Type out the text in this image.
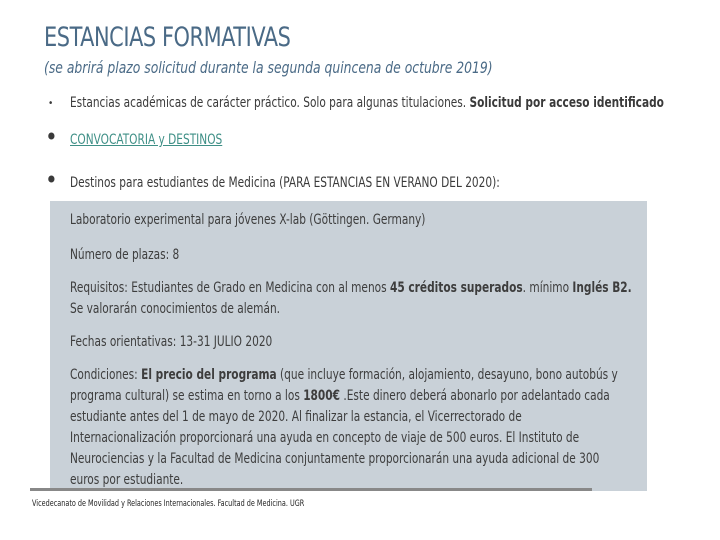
ESTANCIAS FORMATIVAS
(se abrirá plazo solicitud durante la segunda quincena de octubre 2019)
• Estancias académicas de carácter práctico. Solo para algunas titulaciones. Solicitud por acceso identificado
• CONVOCATORIA y DESTINOS
• Destinos para estudiantes de Medicina (PARA ESTANCIAS EN VERANO DEL 2020):
Laboratorio experimental para jóvenes X-lab (Göttingen. Germany)
Número de plazas: 8
Requisitos: Estudiantes de Grado en Medicina con al menos 45 créditos superados. mínimo Inglés B2.
Se valorarán conocimientos de alemán.
Fechas orientativas: 13-31 JULIO 2020
Condiciones: El precio del programa (que incluye formación, alojamiento, desayuno, bono autobús y
programa cultural) se estima en torno a los 1800€ .Este dinero deberá abonarlo por adelantado cada
estudiante antes del 1 de mayo de 2020. Al finalizar la estancia, el Vicerrectorado de
Internacionalización proporcionará una ayuda en concepto de viaje de 500 euros. El Instituto de
Neurociencias y la Facultad de Medicina conjuntamente proporcionarán una ayuda adicional de 300
euros por estudiante.
Vicedecanato de Movilidad y Relaciones Internacionales. Facultad de Medicina. UGR
